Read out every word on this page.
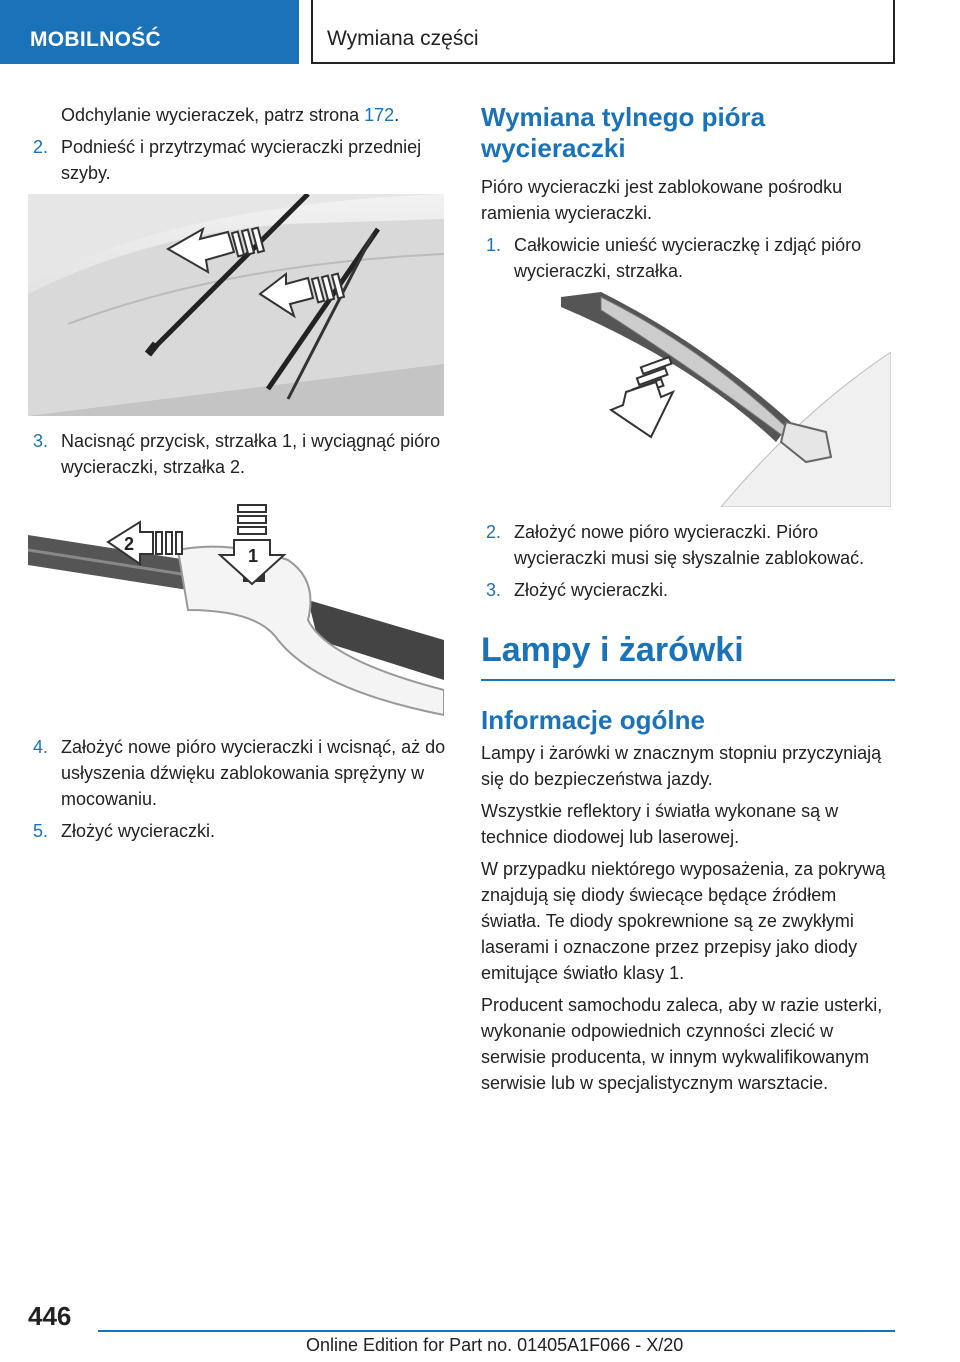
MOBILNOŚĆ	Wymiana części
Odchylanie wycieraczek, patrz strona 172.
2. Podnieść i przytrzymać wycieraczki przedniej szyby.
3. Nacisnąć przycisk, strzałka 1, i wyciągnąć pióro wycieraczki, strzałka 2.
1
2
4. Założyć nowe pióro wycieraczki i wcisnąć, aż do usłyszenia dźwięku zablokowania sprężyny w mocowaniu.
5. Złożyć wycieraczki.
Wymiana tylnego pióra wycieraczki

Pióro wycieraczki jest zablokowane pośrodku ramienia wycieraczki.

1. Całkowicie unieść wycieraczkę i zdjąć pióro wycieraczki, strzałka.
2. Założyć nowe pióro wycieraczki. Pióro wycieraczki musi się słyszalnie zablokować.
3. Złożyć wycieraczki.
Lampy i żarówki
Informacje ogólne

Lampy i żarówki w znacznym stopniu przyczyniają się do bezpieczeństwa jazdy.

Wszystkie reflektory i światła wykonane są w technice diodowej lub laserowej.

W przypadku niektórego wyposażenia, za pokrywą znajdują się diody świecące będące źródłem światła. Te diody spokrewnione są ze zwykłymi laserami i oznaczone przez przepisy jako diody emitujące światło klasy 1.

Producent samochodu zaleca, aby w razie usterki, wykonanie odpowiednich czynności zlecić w serwisie producenta, w innym wykwalifikowanym serwisie lub w specjalistycznym warsztacie.

446
Online Edition for Part no. 01405A1F066 - X/20
